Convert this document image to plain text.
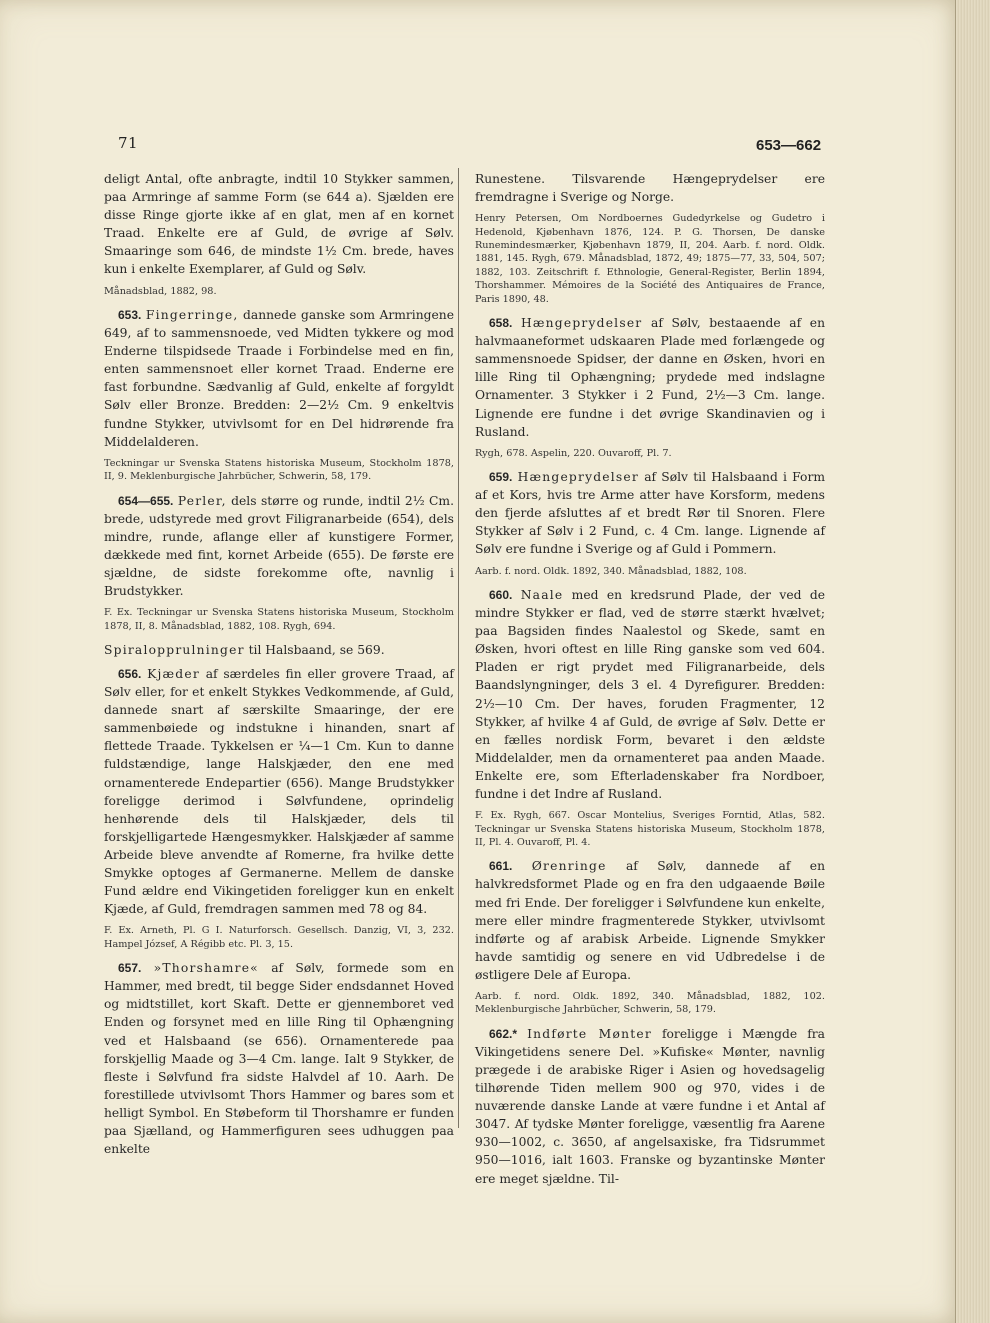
71	653—662

deligt Antal, ofte anbragte, indtil 10 Stykker sammen, paa Armringe af samme Form (se 644 a). Sjælden ere disse Ringe gjorte ikke af en glat, men af en kornet Traad. Enkelte ere af Guld, de øvrige af Sølv. Smaaringe som 646, de mindste 1½ Cm. brede, haves kun i enkelte Exemplarer, af Guld og Sølv.

Månadsblad, 1882, 98.

653. Fingerringe, dannede ganske som Armringene 649, af to sammensnoede, ved Midten tykkere og mod Enderne tilspidsede Traade i Forbindelse med en fin, enten sammensnoet eller kornet Traad. Enderne ere fast forbundne. Sædvanlig af Guld, enkelte af forgyldt Sølv eller Bronze. Bredden: 2—2½ Cm. 9 enkeltvis fundne Stykker, utvivlsomt for en Del hidrørende fra Middelalderen.

Teckningar ur Svenska Statens historiska Museum, Stockholm 1878, II, 9. Meklenburgische Jahrbücher, Schwerin, 58, 179.

654—655. Perler, dels større og runde, indtil 2½ Cm. brede, udstyrede med grovt Filigranarbeide (654), dels mindre, runde, aflange eller af kunstigere Former, dækkede med fint, kornet Arbeide (655). De første ere sjældne, de sidste forekomme ofte, navnlig i Brudstykker.

F. Ex. Teckningar ur Svenska Statens historiska Museum, Stockholm 1878, II, 8. Månadsblad, 1882, 108. Rygh, 694.

Spiralopprulninger til Halsbaand, se 569.

656. Kjæder af særdeles fin eller grovere Traad, af Sølv eller, for et enkelt Stykkes Vedkommende, af Guld, dannede snart af særskilte Smaaringe, der ere sammenbøiede og indstukne i hinanden, snart af flettede Traade. Tykkelsen er ¼—1 Cm. Kun to danne fuldstændige, lange Halskjæder, den ene med ornamenterede Endepartier (656). Mange Brudstykker foreligge derimod i Sølvfundene, oprindelig henhørende dels til Halskjæder, dels til forskjelligartede Hængesmykker. Halskjæder af samme Arbeide bleve anvendte af Romerne, fra hvilke dette Smykke optoges af Germanerne. Mellem de danske Fund ældre end Vikingetiden foreligger kun en enkelt Kjæde, af Guld, fremdragen sammen med 78 og 84.

F. Ex. Arneth, Pl. G I. Naturforsch. Gesellsch. Danzig, VI, 3, 232. Hampel József, A Régibb etc. Pl. 3, 15.

657. »Thorshamre« af Sølv, formede som en Hammer, med bredt, til begge Sider endsdannet Hoved og midtstillet, kort Skaft. Dette er gjennemboret ved Enden og forsynet med en lille Ring til Ophængning ved et Halsbaand (se 656). Ornamenterede paa forskjellig Maade og 3—4 Cm. lange. Ialt 9 Stykker, de fleste i Sølvfund fra sidste Halvdel af 10. Aarh. De forestillede utvivlsomt Thors Hammer og bares som et helligt Symbol. En Støbeform til Thorshamre er funden paa Sjælland, og Hammerfiguren sees udhuggen paa enkelte

Runestene. Tilsvarende Hængeprydelser ere fremdragne i Sverige og Norge.

Henry Petersen, Om Nordboernes Gudedyrkelse og Gudetro i Hedenold, Kjøbenhavn 1876, 124. P. G. Thorsen, De danske Runemindesmærker, Kjøbenhavn 1879, II, 204. Aarb. f. nord. Oldk. 1881, 145. Rygh, 679. Månadsblad, 1872, 49; 1875—77, 33, 504, 507; 1882, 103. Zeitschrift f. Ethnologie, General-Register, Berlin 1894, Thorshammer. Mémoires de la Société des Antiquaires de France, Paris 1890, 48.

658. Hængeprydelser af Sølv, bestaaende af en halvmaaneformet udskaaren Plade med forlængede og sammensnoede Spidser, der danne en Øsken, hvori en lille Ring til Ophængning; prydede med indslagne Ornamenter. 3 Stykker i 2 Fund, 2½—3 Cm. lange. Lignende ere fundne i det øvrige Skandinavien og i Rusland.

Rygh, 678. Aspelin, 220. Ouvaroff, Pl. 7.

659. Hængeprydelser af Sølv til Halsbaand i Form af et Kors, hvis tre Arme atter have Korsform, medens den fjerde afsluttes af et bredt Rør til Snoren. Flere Stykker af Sølv i 2 Fund, c. 4 Cm. lange. Lignende af Sølv ere fundne i Sverige og af Guld i Pommern.

Aarb. f. nord. Oldk. 1892, 340. Månadsblad, 1882, 108.

660. Naale med en kredsrund Plade, der ved de mindre Stykker er flad, ved de større stærkt hvælvet; paa Bagsiden findes Naalestol og Skede, samt en Øsken, hvori oftest en lille Ring ganske som ved 604. Pladen er rigt prydet med Filigranarbeide, dels Baandslyngninger, dels 3 el. 4 Dyrefigurer. Bredden: 2½—10 Cm. Der haves, foruden Fragmenter, 12 Stykker, af hvilke 4 af Guld, de øvrige af Sølv. Dette er en fælles nordisk Form, bevaret i den ældste Middelalder, men da ornamenteret paa anden Maade. Enkelte ere, som Efterladenskaber fra Nordboer, fundne i det Indre af Rusland.

F. Ex. Rygh, 667. Oscar Montelius, Sveriges Forntid, Atlas, 582. Teckningar ur Svenska Statens historiska Museum, Stockholm 1878, II, Pl. 4. Ouvaroff, Pl. 4.

661. Ørenringe af Sølv, dannede af en halvkredsformet Plade og en fra den udgaaende Bøile med fri Ende. Der foreligger i Sølvfundene kun enkelte, mere eller mindre fragmenterede Stykker, utvivlsomt indførte og af arabisk Arbeide. Lignende Smykker havde samtidig og senere en vid Udbredelse i de østligere Dele af Europa.

Aarb. f. nord. Oldk. 1892, 340. Månadsblad, 1882, 102. Meklenburgische Jahrbücher, Schwerin, 58, 179.

662.* Indførte Mønter foreligge i Mængde fra Vikingetidens senere Del. »Kufiske« Mønter, navnlig prægede i de arabiske Riger i Asien og hovedsagelig tilhørende Tiden mellem 900 og 970, vides i de nuværende danske Lande at være fundne i et Antal af 3047. Af tydske Mønter foreligge, væsentlig fra Aarene 930—1002, c. 3650, af angelsaxiske, fra Tidsrummet 950—1016, ialt 1603. Franske og byzantinske Mønter ere meget sjældne. Til-
